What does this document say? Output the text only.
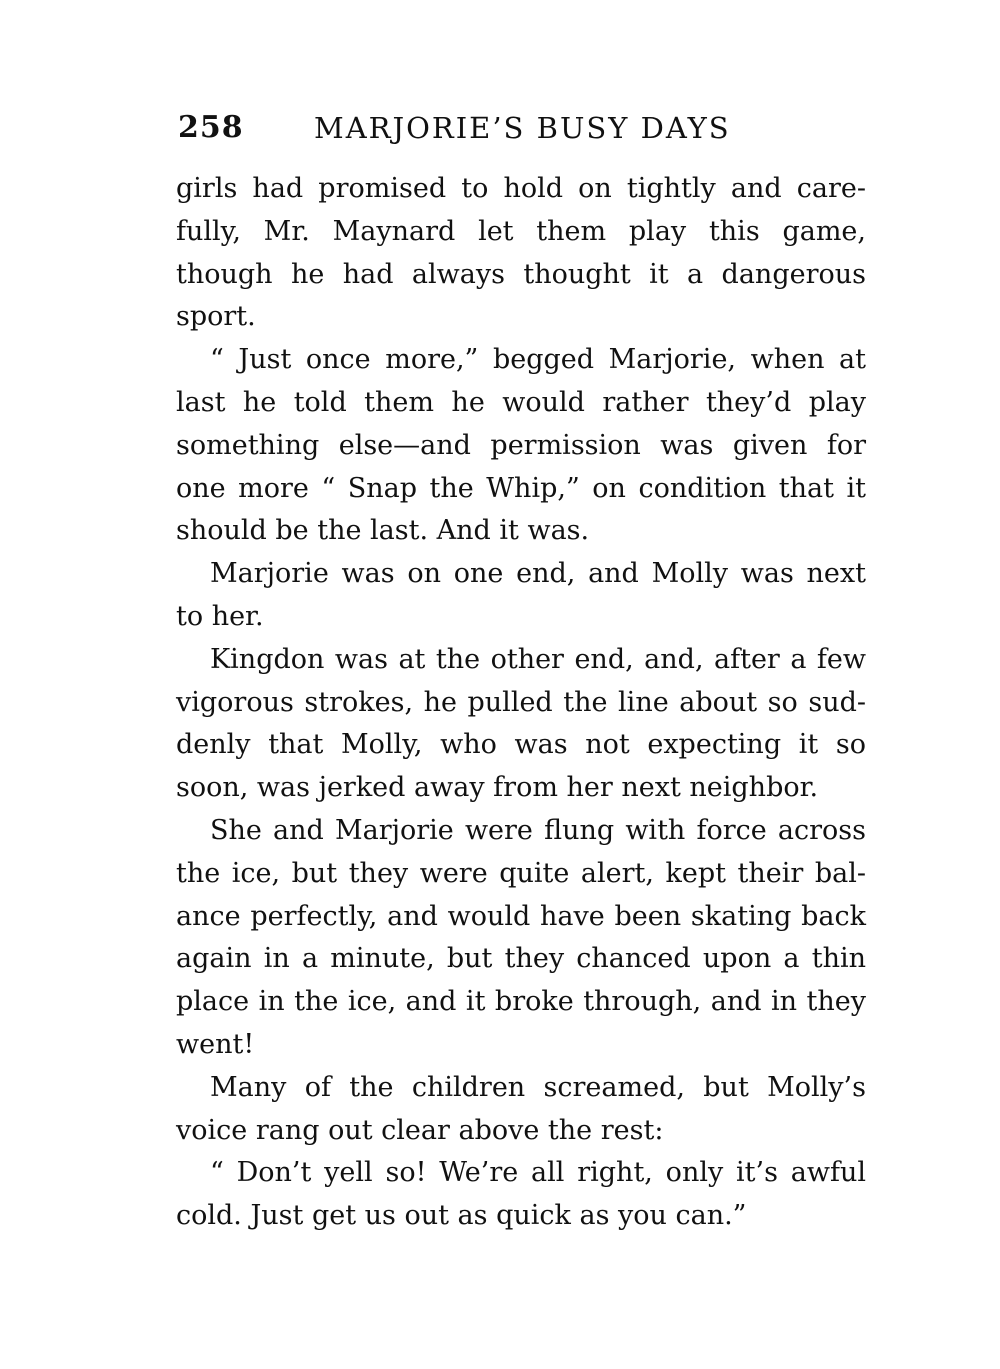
258 MARJORIE’S BUSY DAYS

girls had promised to hold on tightly and carefully, Mr. Maynard let them play this game, though he had always thought it a dangerous sport.

“ Just once more,” begged Marjorie, when at last he told them he would rather they’d play something else—and permission was given for one more “ Snap the Whip,” on condition that it should be the last. And it was.

Marjorie was on one end, and Molly was next to her.

Kingdon was at the other end, and, after a few vigorous strokes, he pulled the line about so suddenly that Molly, who was not expecting it so soon, was jerked away from her next neighbor.

She and Marjorie were flung with force across the ice, but they were quite alert, kept their balance perfectly, and would have been skating back again in a minute, but they chanced upon a thin place in the ice, and it broke through, and in they went!

Many of the children screamed, but Molly’s voice rang out clear above the rest:

“ Don’t yell so! We’re all right, only it’s awful cold. Just get us out as quick as you can.”
